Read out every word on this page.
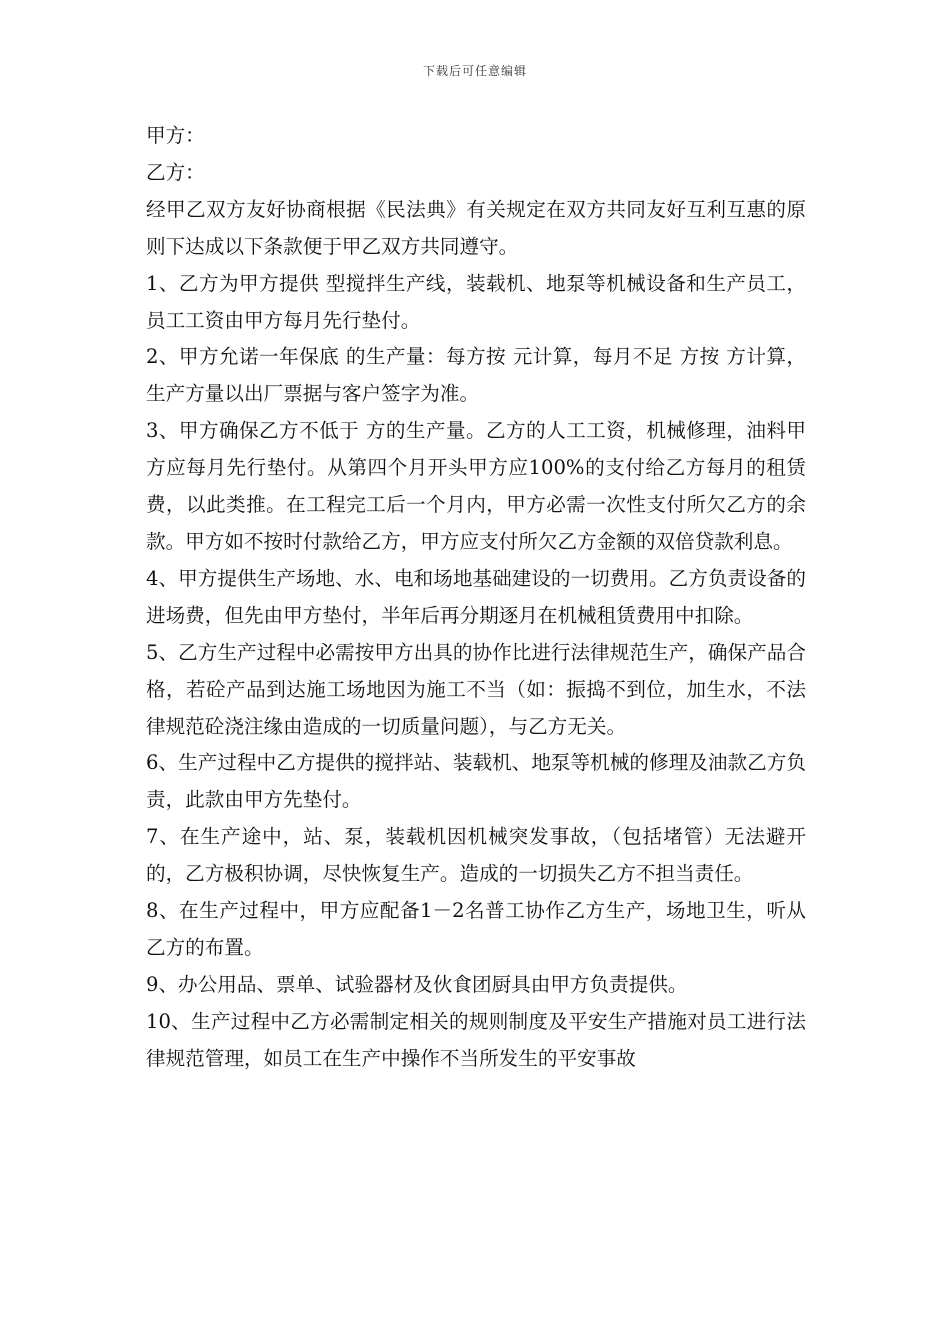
下载后可任意编辑

甲方：

乙方：

经甲乙双方友好协商根据《民法典》有关规定在双方共同友好互利互惠的原则下达成以下条款便于甲乙双方共同遵守。

1、乙方为甲方提供 型搅拌生产线，装载机、地泵等机械设备和生产员工，员工工资由甲方每月先行垫付。

2、甲方允诺一年保底 的生产量：每方按 元计算，每月不足 方按 方计算，生产方量以出厂票据与客户签字为准。

3、甲方确保乙方不低于 方的生产量。乙方的人工工资，机械修理，油料甲方应每月先行垫付。从第四个月开头甲方应100%的支付给乙方每月的租赁费，以此类推。在工程完工后一个月内，甲方必需一次性支付所欠乙方的余款。甲方如不按时付款给乙方，甲方应支付所欠乙方金额的双倍贷款利息。

4、甲方提供生产场地、水、电和场地基础建设的一切费用。乙方负责设备的进场费，但先由甲方垫付，半年后再分期逐月在机械租赁费用中扣除。

5、乙方生产过程中必需按甲方出具的协作比进行法律规范生产，确保产品合格，若砼产品到达施工场地因为施工不当（如：振捣不到位，加生水，不法律规范砼浇注缘由造成的一切质量问题），与乙方无关。

6、生产过程中乙方提供的搅拌站、装载机、地泵等机械的修理及油款乙方负责，此款由甲方先垫付。

7、在生产途中，站、泵，装载机因机械突发事故，（包括堵管）无法避开的，乙方极积协调，尽快恢复生产。造成的一切损失乙方不担当责任。

8、在生产过程中，甲方应配备1－2名普工协作乙方生产，场地卫生，听从乙方的布置。

9、办公用品、票单、试验器材及伙食团厨具由甲方负责提供。

10、生产过程中乙方必需制定相关的规则制度及平安生产措施对员工进行法律规范管理，如员工在生产中操作不当所发生的平安事故
